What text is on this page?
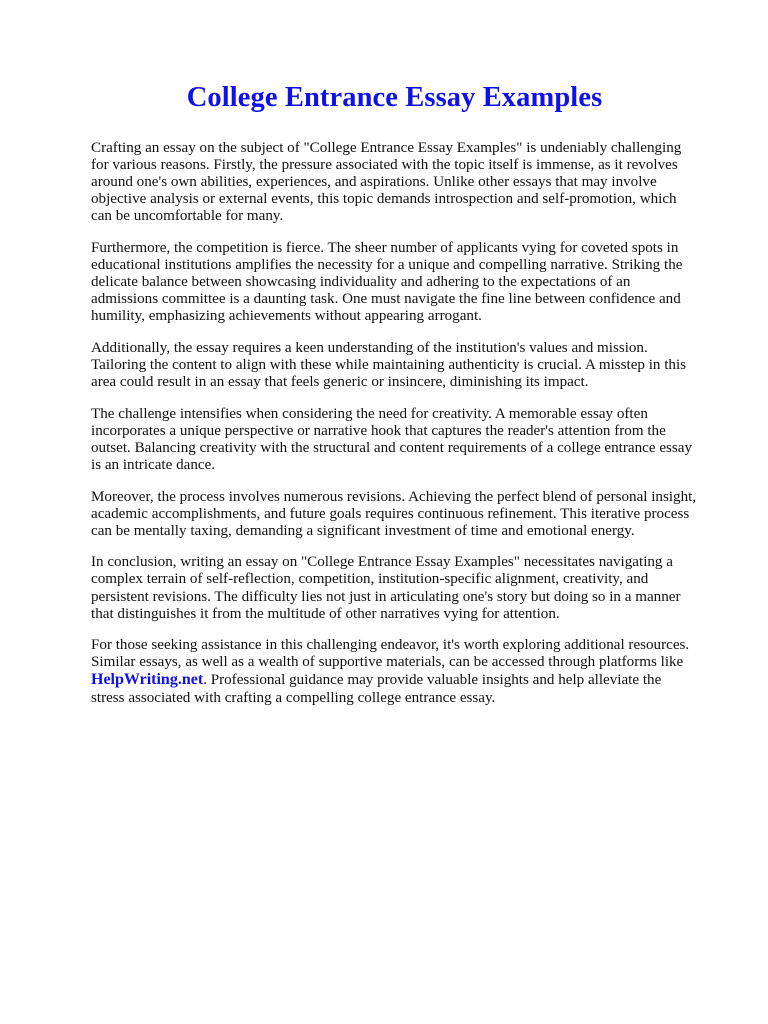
College Entrance Essay Examples

Crafting an essay on the subject of "College Entrance Essay Examples" is undeniably challenging for various reasons. Firstly, the pressure associated with the topic itself is immense, as it revolves around one's own abilities, experiences, and aspirations. Unlike other essays that may involve objective analysis or external events, this topic demands introspection and self-promotion, which can be uncomfortable for many.

Furthermore, the competition is fierce. The sheer number of applicants vying for coveted spots in educational institutions amplifies the necessity for a unique and compelling narrative. Striking the delicate balance between showcasing individuality and adhering to the expectations of an admissions committee is a daunting task. One must navigate the fine line between confidence and humility, emphasizing achievements without appearing arrogant.

Additionally, the essay requires a keen understanding of the institution's values and mission. Tailoring the content to align with these while maintaining authenticity is crucial. A misstep in this area could result in an essay that feels generic or insincere, diminishing its impact.

The challenge intensifies when considering the need for creativity. A memorable essay often incorporates a unique perspective or narrative hook that captures the reader's attention from the outset. Balancing creativity with the structural and content requirements of a college entrance essay is an intricate dance.

Moreover, the process involves numerous revisions. Achieving the perfect blend of personal insight, academic accomplishments, and future goals requires continuous refinement. This iterative process can be mentally taxing, demanding a significant investment of time and emotional energy.

In conclusion, writing an essay on "College Entrance Essay Examples" necessitates navigating a complex terrain of self-reflection, competition, institution-specific alignment, creativity, and persistent revisions. The difficulty lies not just in articulating one's story but doing so in a manner that distinguishes it from the multitude of other narratives vying for attention.

For those seeking assistance in this challenging endeavor, it's worth exploring additional resources. Similar essays, as well as a wealth of supportive materials, can be accessed through platforms like HelpWriting.net. Professional guidance may provide valuable insights and help alleviate the stress associated with crafting a compelling college entrance essay.
